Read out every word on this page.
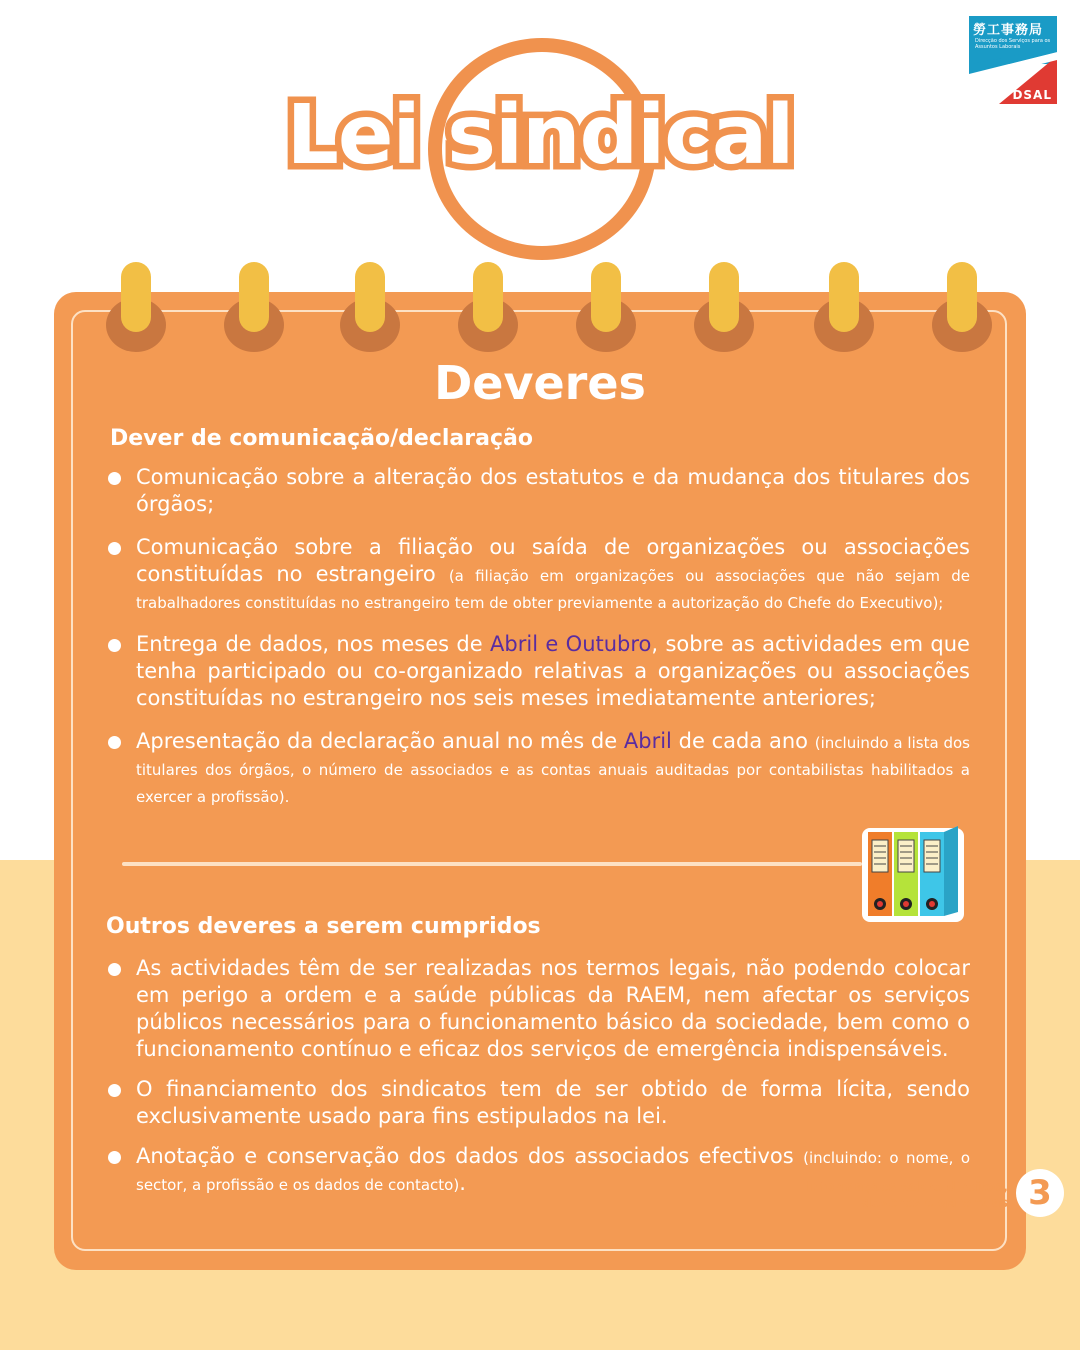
Lei sindical
勞工事務局
Direcção dos Serviços para os Assuntos Laborais
DSAL
Deveres
Dever de comunicação/declaração
Comunicação sobre a alteração dos estatutos e da mudança dos titulares dos órgãos;
Comunicação sobre a filiação ou saída de organizações ou associações constituídas no estrangeiro (a filiação em organizações ou associações que não sejam de trabalhadores constituídas no estrangeiro tem de obter previamente a autorização do Chefe do Executivo);
Entrega de dados, nos meses de Abril e Outubro, sobre as actividades em que tenha participado ou co-organizado relativas a organizações ou associações constituídas no estrangeiro nos seis meses imediatamente anteriores;
Apresentação da declaração anual no mês de Abril de cada ano (incluindo a lista dos titulares dos órgãos, o número de associados e as contas anuais auditadas por contabilistas habilitados a exercer a profissão).
Outros deveres a serem cumpridos
As actividades têm de ser realizadas nos termos legais, não podendo colocar em perigo a ordem e a saúde públicas da RAEM, nem afectar os serviços públicos necessários para o funcionamento básico da sociedade, bem como o funcionamento contínuo e eficaz dos serviços de emergência indispensáveis.
O financiamento dos sindicatos tem de ser obtido de forma lícita, sendo exclusivamente usado para fins estipulados na lei.
Anotação e conservação dos dados dos associados efectivos (incluindo: o nome, o sector, a profissão e os dados de contacto).	Informações sobre direitos,
deveres e garantias 3
